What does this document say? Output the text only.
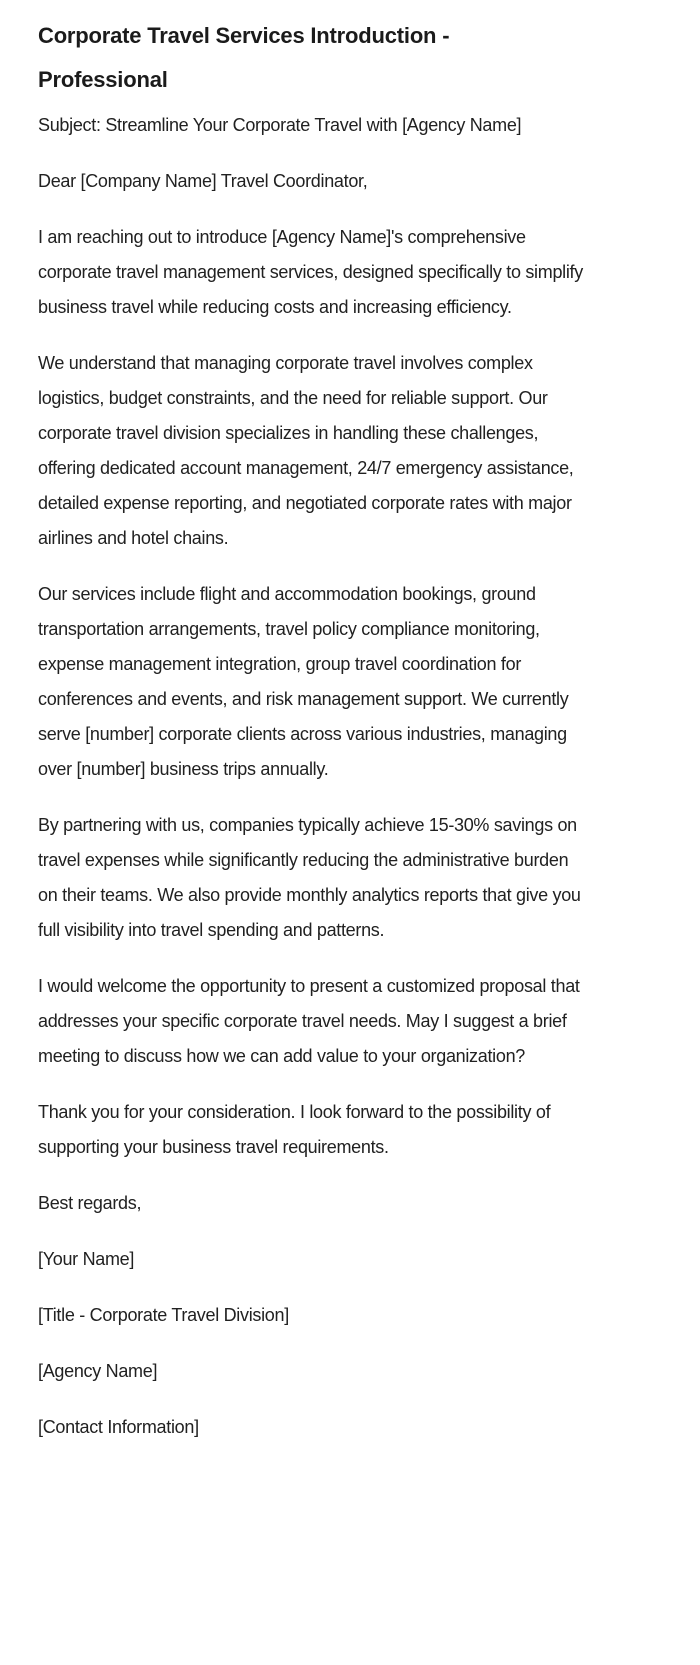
Corporate Travel Services Introduction - Professional

Subject: Streamline Your Corporate Travel with [Agency Name]

Dear [Company Name] Travel Coordinator,

I am reaching out to introduce [Agency Name]'s comprehensive corporate travel management services, designed specifically to simplify business travel while reducing costs and increasing efficiency.

We understand that managing corporate travel involves complex logistics, budget constraints, and the need for reliable support. Our corporate travel division specializes in handling these challenges, offering dedicated account management, 24/7 emergency assistance, detailed expense reporting, and negotiated corporate rates with major airlines and hotel chains.

Our services include flight and accommodation bookings, ground transportation arrangements, travel policy compliance monitoring, expense management integration, group travel coordination for conferences and events, and risk management support. We currently serve [number] corporate clients across various industries, managing over [number] business trips annually.

By partnering with us, companies typically achieve 15-30% savings on travel expenses while significantly reducing the administrative burden on their teams. We also provide monthly analytics reports that give you full visibility into travel spending and patterns.

I would welcome the opportunity to present a customized proposal that addresses your specific corporate travel needs. May I suggest a brief meeting to discuss how we can add value to your organization?

Thank you for your consideration. I look forward to the possibility of supporting your business travel requirements.

Best regards,

[Your Name]

[Title - Corporate Travel Division]

[Agency Name]

[Contact Information]
